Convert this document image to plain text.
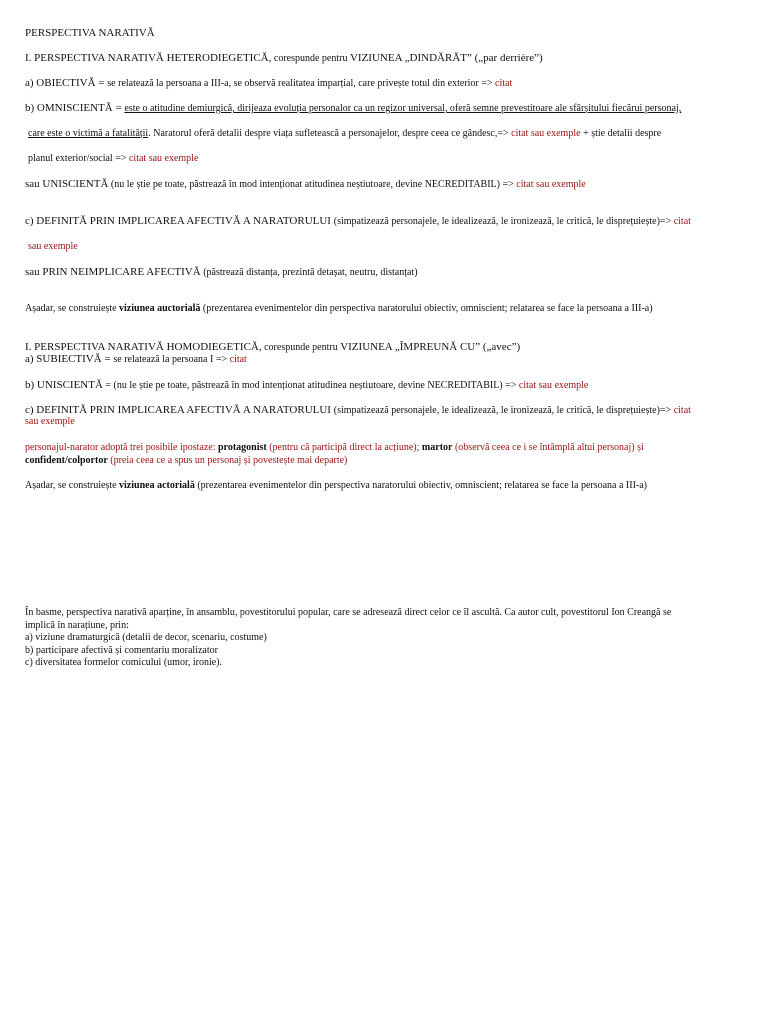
PERSPECTIVA NARATIVĂ
I. PERSPECTIVA NARATIVĂ HETERODIEGETICĂ, corespunde pentru VIZIUNEA „DINDĂRĂT” („par derrière”)
a) OBIECTIVĂ = se relatează la persoana a III-a, se observă realitatea imparțial, care privește totul din exterior => citat
b) OMNISCIENTĂ = este o atitudine demiurgică, dirijeaza evoluția personalor ca un regizor universal, oferă semne prevestitoare ale sfârșitului fiecărui personaj,
care este o victimă a fatalității. Naratorul oferă detalii despre viața sufletească a personajelor, despre ceea ce gândesc,=> citat sau exemple + știe detalii despre
planul exterior/social => citat sau exemple
sau UNISCIENTĂ (nu le știe pe toate, păstrează în mod intenționat atitudinea neștiutoare, devine NECREDITABIL) => citat sau exemple
c) DEFINITĂ PRIN IMPLICAREA AFECTIVĂ A NARATORULUI (simpatizează personajele, le idealizează, le ironizează, le critică, le disprețuiește)=> citat
sau exemple
sau PRIN NEIMPLICARE AFECTIVĂ (păstrează distanța, prezintă detașat, neutru, distanțat)
Așadar, se construiește viziunea auctorială (prezentarea evenimentelor din perspectiva naratorului obiectiv, omniscient; relatarea se face la persoana a III-a)
I. PERSPECTIVA NARATIVĂ HOMODIEGETICĂ, corespunde pentru VIZIUNEA „ÎMPREUNĂ CU” („avec”)
a) SUBIECTIVĂ = se relatează la persoana I => citat
b) UNISCIENTĂ = (nu le știe pe toate, păstrează în mod intenționat atitudinea neștiutoare, devine NECREDITABIL) => citat sau exemple
c) DEFINITĂ PRIN IMPLICAREA AFECTIVĂ A NARATORULUI (simpatizează personajele, le idealizează, le ironizează, le critică, le disprețuiește)=> citat
sau exemple
personajul-narator adoptă trei posibile ipostaze: protagonist (pentru că participă direct la acțiune); martor (observă ceea ce i se întâmplă altui personaj) și
confident/colportor (preia ceea ce a spus un personaj și povestește mai departe)
Așadar, se construiește viziunea actorială (prezentarea evenimentelor din perspectiva naratorului obiectiv, omniscient; relatarea se face la persoana a III-a)
În basme, perspectiva narativă aparține, în ansamblu, povestitorului popular, care se adresează direct celor ce îl ascultă. Ca autor cult, povestitorul Ion Creangă se
implică în narațiune, prin:
a) viziune dramaturgică (detalii de decor, scenariu, costume)
b) participare afectivă și comentariu moralizator
c) diversitatea formelor comicului (umor, ironie).
